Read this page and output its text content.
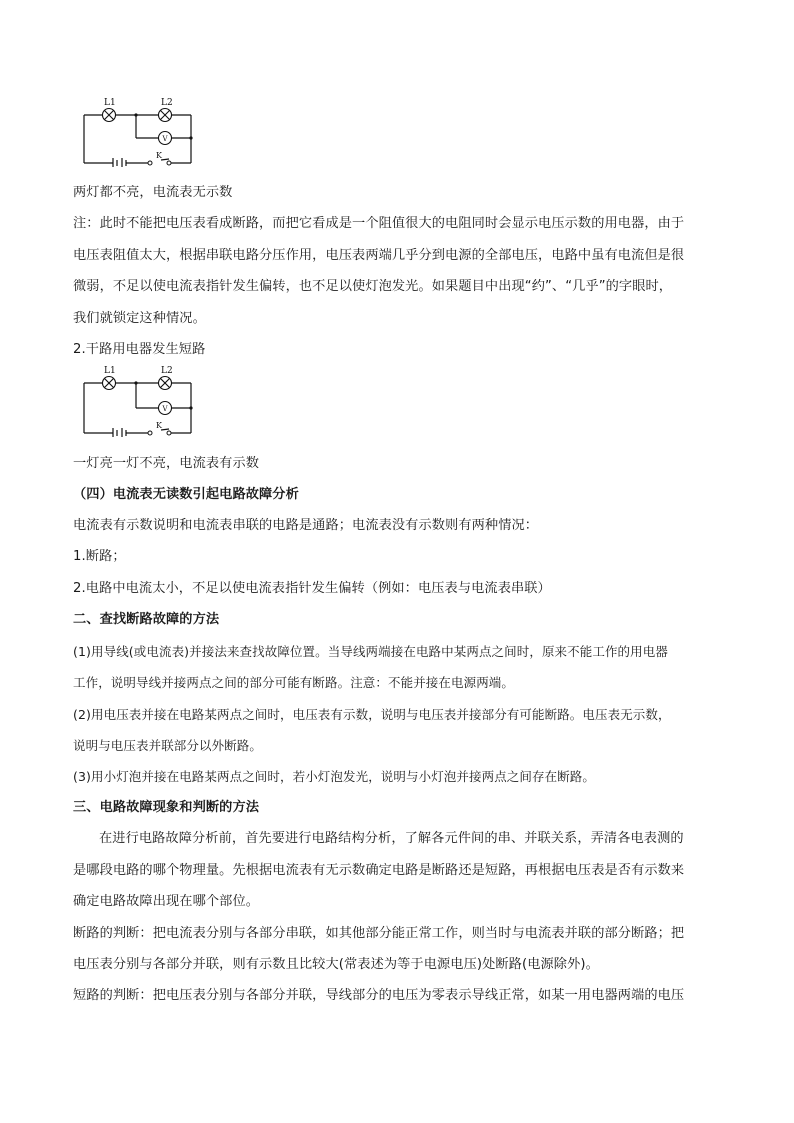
L1	L2
V
K
两灯都不亮，电流表无示数
注：此时不能把电压表看成断路，而把它看成是一个阻值很大的电阻同时会显示电压示数的用电器，由于
电压表阻值太大，根据串联电路分压作用，电压表两端几乎分到电源的全部电压，电路中虽有电流但是很
微弱，不足以使电流表指针发生偏转，也不足以使灯泡发光。如果题目中出现“约”、“几乎”的字眼时，
我们就锁定这种情况。
2.干路用电器发生短路
L1	L2
V
K
一灯亮一灯不亮，电流表有示数
（四）电流表无读数引起电路故障分析
电流表有示数说明和电流表串联的电路是通路；电流表没有示数则有两种情况：
1.断路；
2.电路中电流太小，不足以使电流表指针发生偏转（例如：电压表与电流表串联）
二、查找断路故障的方法
(1)用导线(或电流表)并接法来查找故障位置。当导线两端接在电路中某两点之间时，原来不能工作的用电器
工作，说明导线并接两点之间的部分可能有断路。注意：不能并接在电源两端。
(2)用电压表并接在电路某两点之间时，电压表有示数，说明与电压表并接部分有可能断路。电压表无示数，
说明与电压表并联部分以外断路。
(3)用小灯泡并接在电路某两点之间时，若小灯泡发光，说明与小灯泡并接两点之间存在断路。
三、电路故障现象和判断的方法
在进行电路故障分析前，首先要进行电路结构分析，了解各元件间的串、并联关系，弄清各电表测的
是哪段电路的哪个物理量。先根据电流表有无示数确定电路是断路还是短路，再根据电压表是否有示数来
确定电路故障出现在哪个部位。
断路的判断：把电流表分别与各部分串联，如其他部分能正常工作，则当时与电流表并联的部分断路；把
电压表分别与各部分并联，则有示数且比较大(常表述为等于电源电压)处断路(电源除外)。
短路的判断：把电压表分别与各部分并联，导线部分的电压为零表示导线正常，如某一用电器两端的电压
